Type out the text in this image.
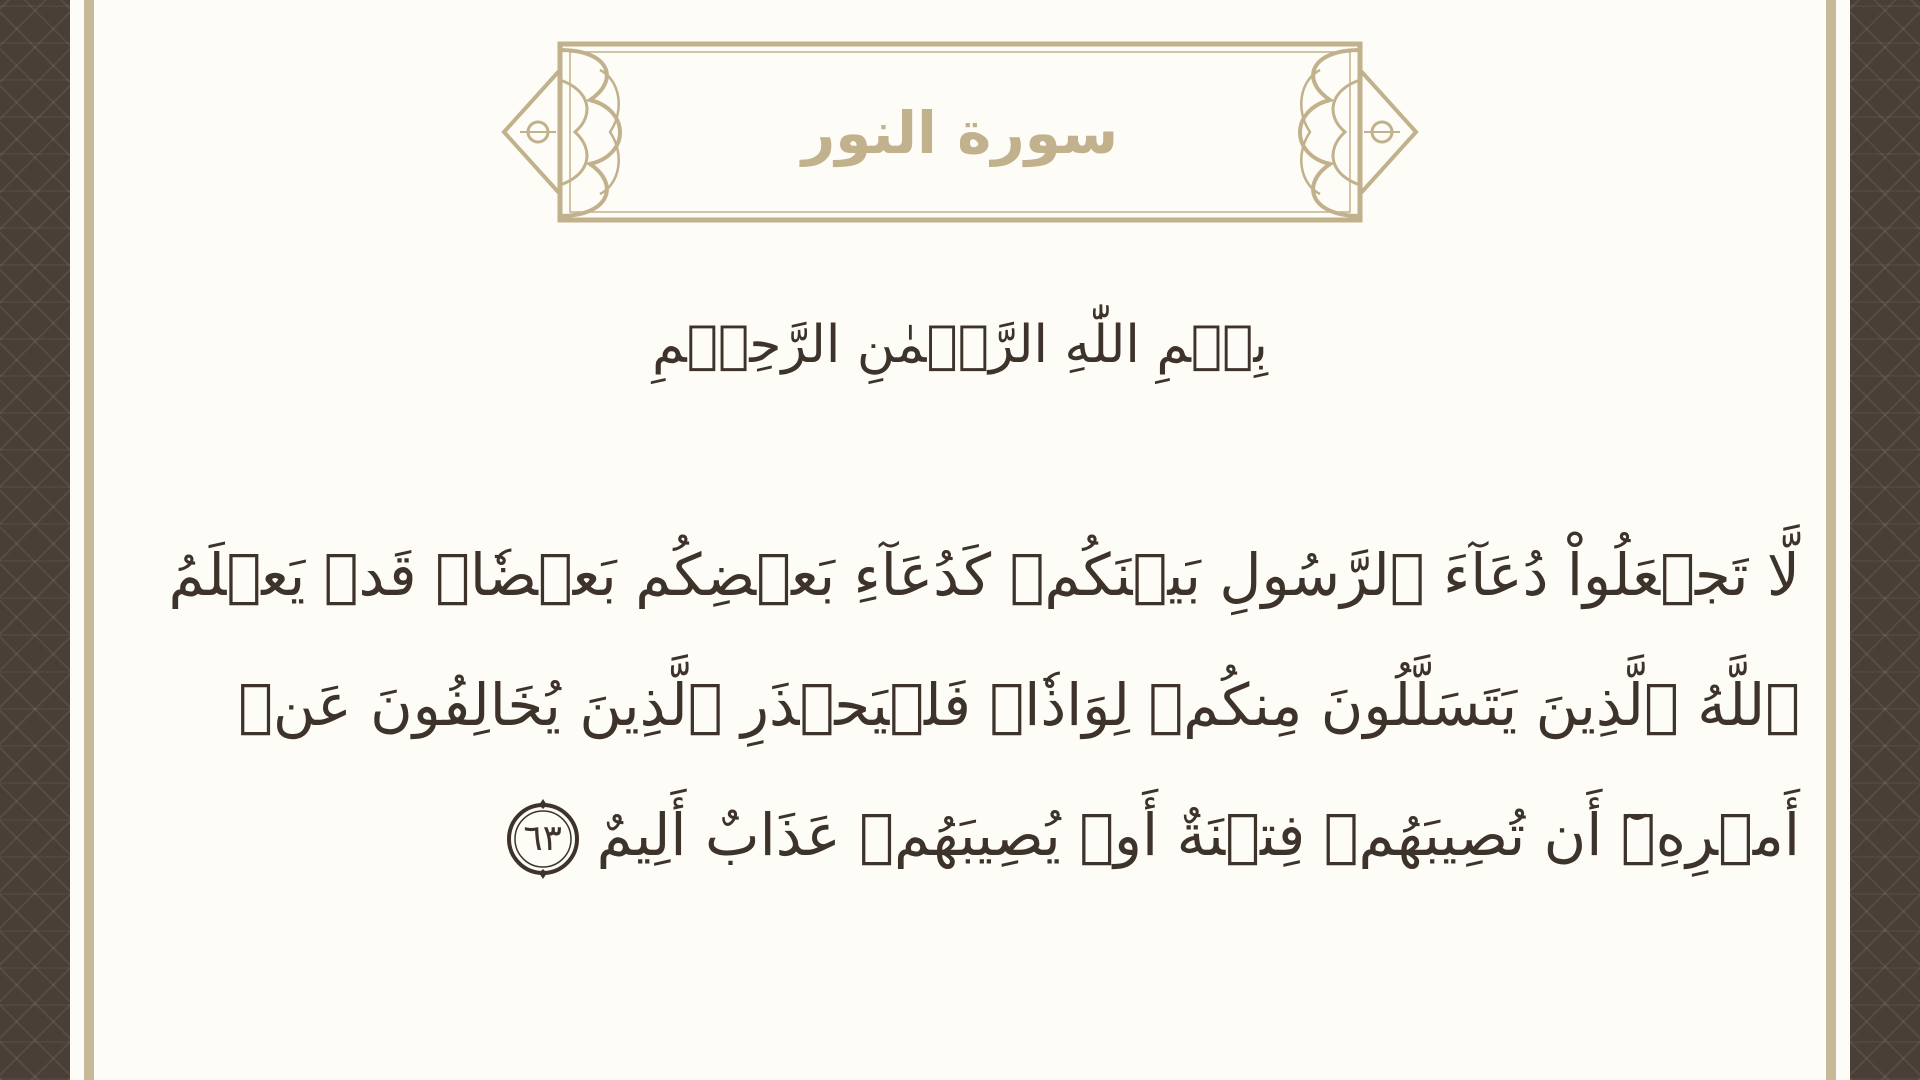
سورة النور
بِسۡمِ اللّٰهِ الرَّحۡمٰنِ الرَّحِيۡمِ
لَّا تَجۡعَلُواْ دُعَآءَ ٱلرَّسُولِ بَيۡنَكُمۡ كَدُعَآءِ بَعۡضِكُم بَعۡضٗاۚ قَدۡ يَعۡلَمُ
ٱللَّهُ ٱلَّذِينَ يَتَسَلَّلُونَ مِنكُمۡ لِوَاذٗاۚ فَلۡيَحۡذَرِ ٱلَّذِينَ يُخَالِفُونَ عَنۡ
أَمۡرِهِۦٓ أَن تُصِيبَهُمۡ فِتۡنَةٌ أَوۡ يُصِيبَهُمۡ عَذَابٌ أَلِيمٌ
٦٣
